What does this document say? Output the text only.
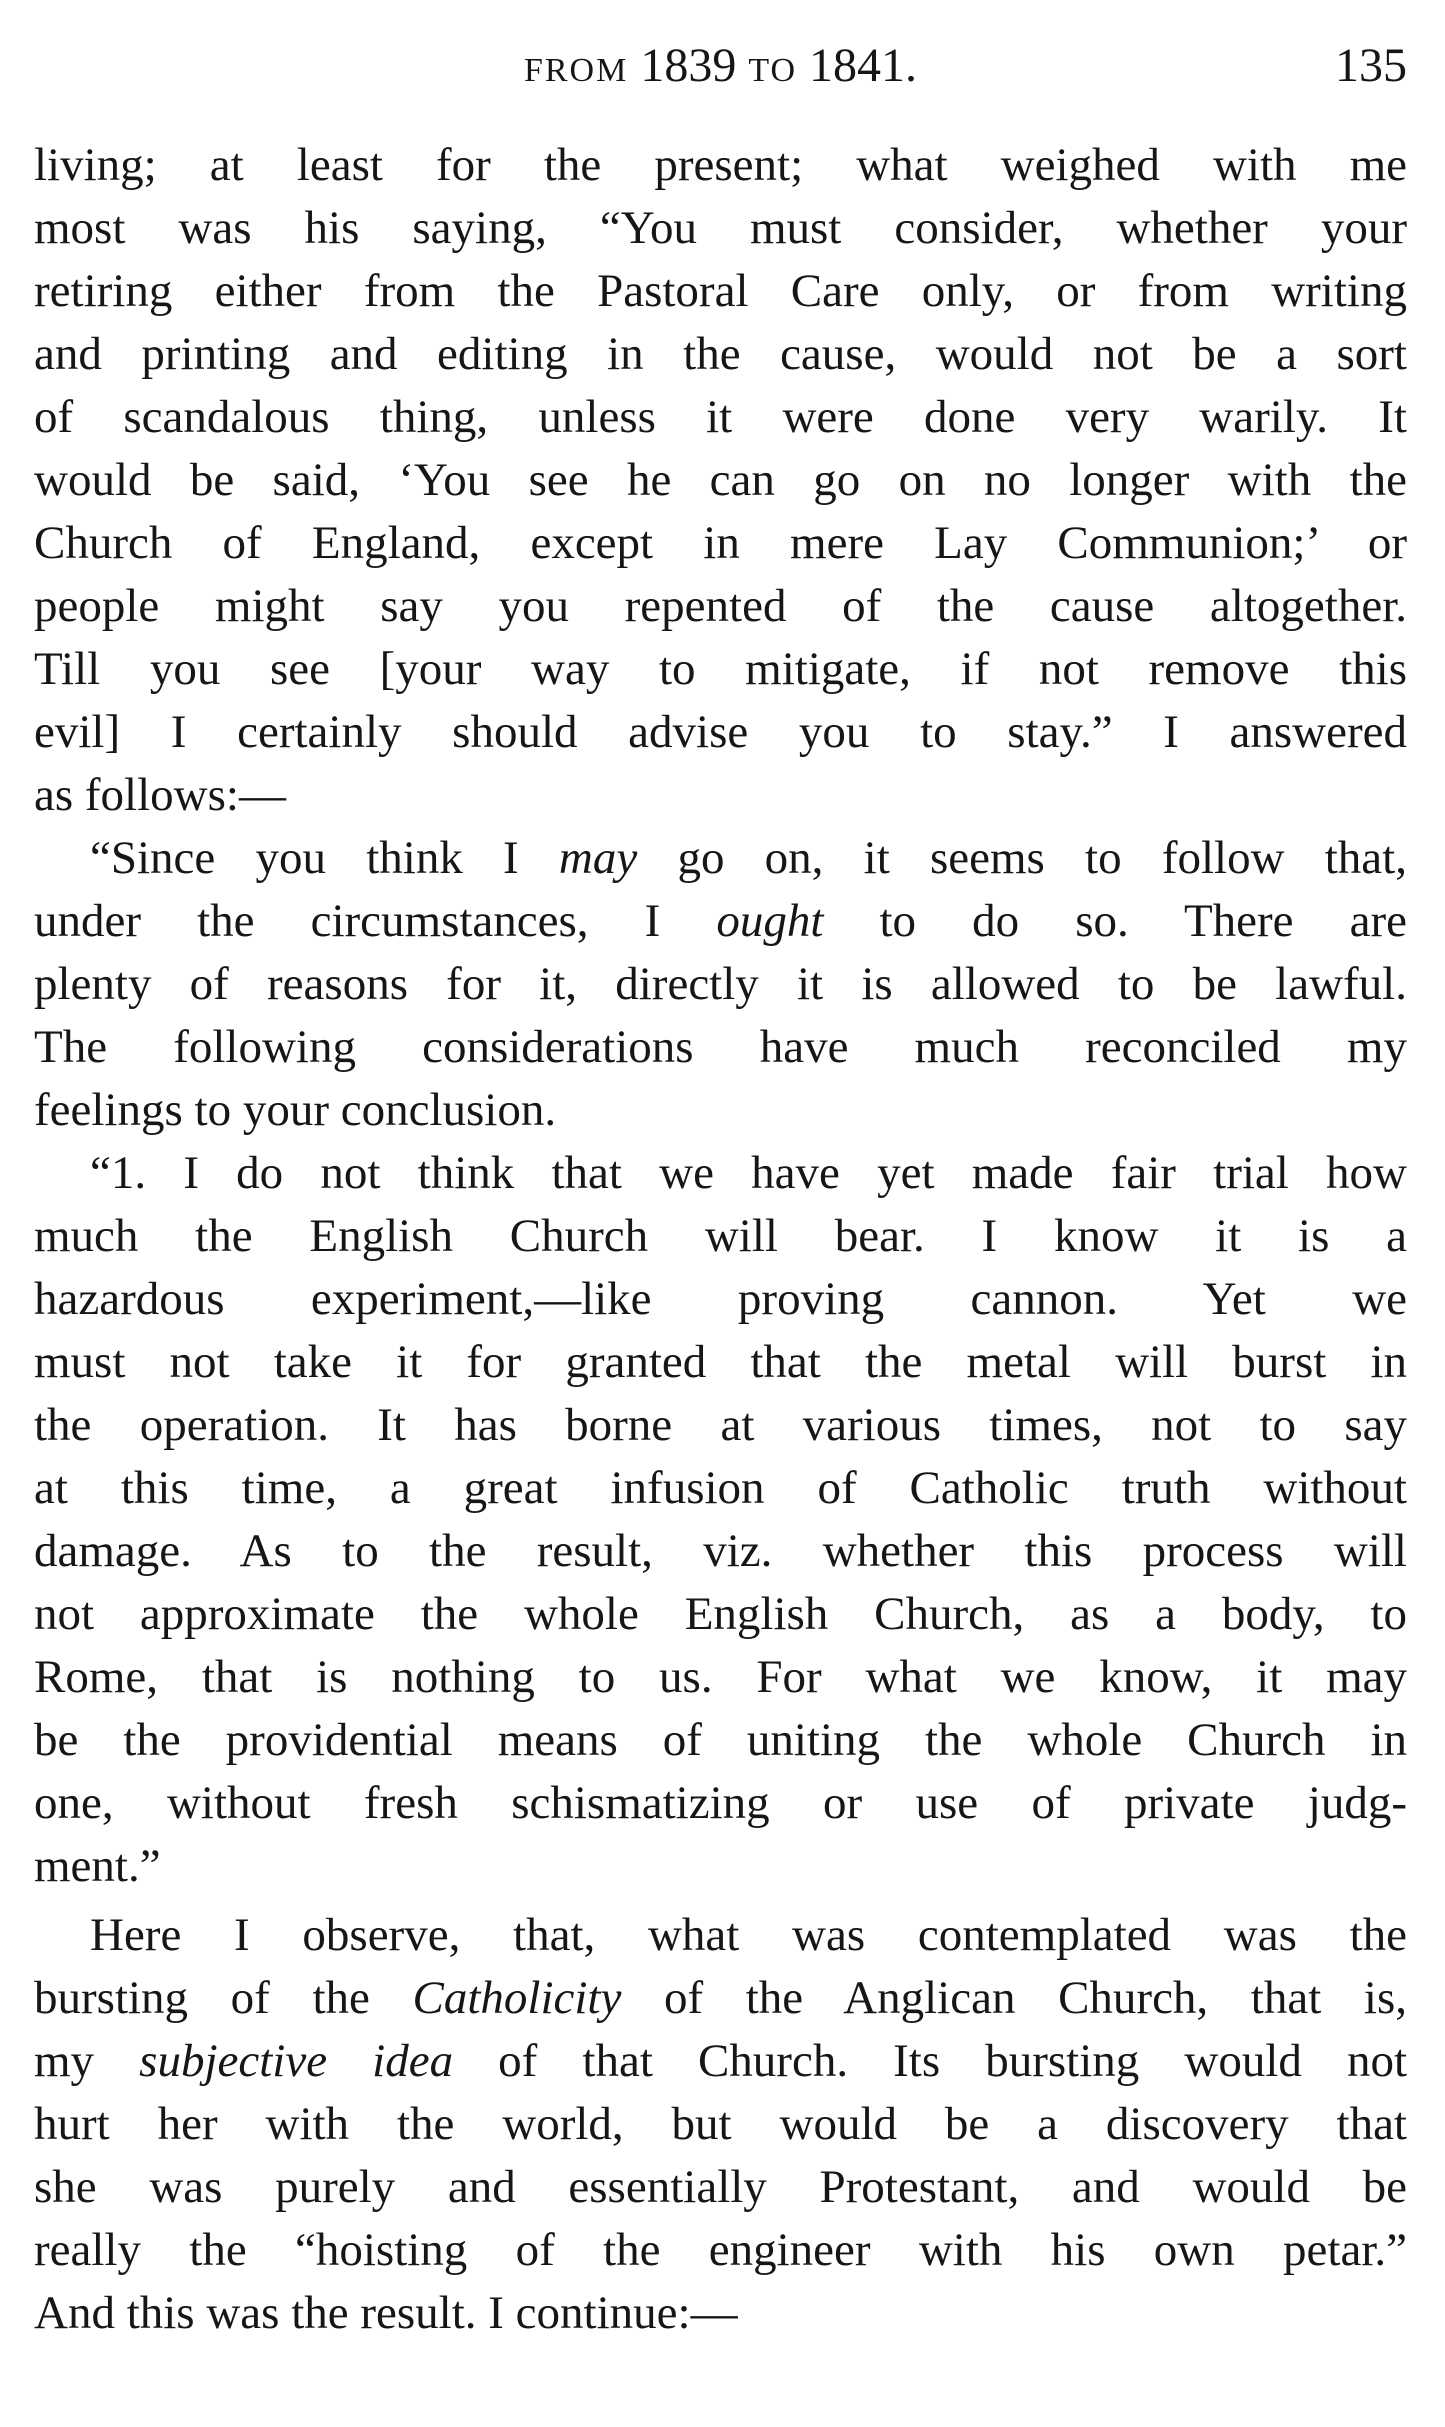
from 1839 to 1841.	135
living; at least for the present; what weighed with me
most was his saying, “You must consider, whether your
retiring either from the Pastoral Care only, or from writing
and printing and editing in the cause, would not be a sort
of scandalous thing, unless it were done very warily. It
would be said, ‘You see he can go on no longer with the
Church of England, except in mere Lay Communion;’ or
people might say you repented of the cause altogether.
Till you see [your way to mitigate, if not remove this
evil] I certainly should advise you to stay.” I answered
as follows:—
“Since you think I may go on, it seems to follow that,
under the circumstances, I ought to do so. There are
plenty of reasons for it, directly it is allowed to be lawful.
The following considerations have much reconciled my
feelings to your conclusion.
“1. I do not think that we have yet made fair trial how
much the English Church will bear. I know it is a
hazardous experiment,—like proving cannon. Yet we
must not take it for granted that the metal will burst in
the operation. It has borne at various times, not to say
at this time, a great infusion of Catholic truth without
damage. As to the result, viz. whether this process will
not approximate the whole English Church, as a body, to
Rome, that is nothing to us. For what we know, it may
be the providential means of uniting the whole Church in
one, without fresh schismatizing or use of private judg-
ment.”
Here I observe, that, what was contemplated was the
bursting of the Catholicity of the Anglican Church, that is,
my subjective idea of that Church. Its bursting would not
hurt her with the world, but would be a discovery that
she was purely and essentially Protestant, and would be
really the “hoisting of the engineer with his own petar.”
And this was the result. I continue:—
